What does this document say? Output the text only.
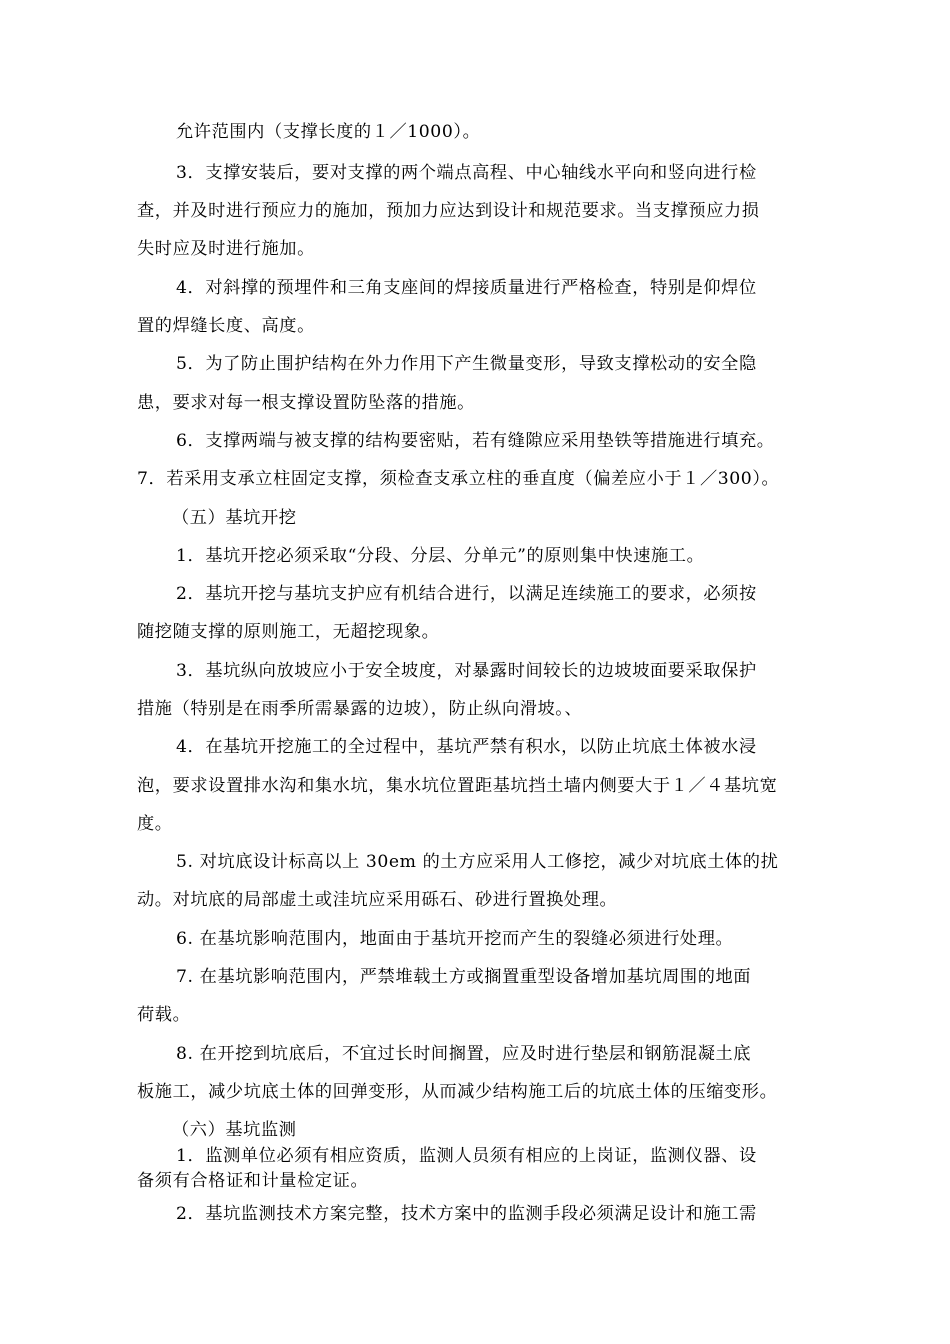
允许范围内（支撑长度的１／1000）。
3．支撑安装后，要对支撑的两个端点高程、中心轴线水平向和竖向进行检
查，并及时进行预应力的施加，预加力应达到设计和规范要求。当支撑预应力损
失时应及时进行施加。
4．对斜撑的预埋件和三角支座间的焊接质量进行严格检查，特别是仰焊位
置的焊缝长度、高度。
5．为了防止围护结构在外力作用下产生微量变形，导致支撑松动的安全隐
患，要求对每一根支撑设置防坠落的措施。
6．支撑两端与被支撑的结构要密贴，若有缝隙应采用垫铁等措施进行填充。
7．若采用支承立柱固定支撑，须检查支承立柱的垂直度（偏差应小于１／300）。
（五）基坑开挖
1．基坑开挖必须采取“分段、分层、分单元”的原则集中快速施工。
2．基坑开挖与基坑支护应有机结合进行，以满足连续施工的要求，必须按
随挖随支撑的原则施工，无超挖现象。
3．基坑纵向放坡应小于安全坡度，对暴露时间较长的边坡坡面要采取保护
措施（特别是在雨季所需暴露的边坡），防止纵向滑坡。、
4．在基坑开挖施工的全过程中，基坑严禁有积水，以防止坑底土体被水浸
泡，要求设置排水沟和集水坑，集水坑位置距基坑挡土墙内侧要大于１／４基坑宽
度。
5. 对坑底设计标高以上 30em 的土方应采用人工修挖，减少对坑底土体的扰
动。对坑底的局部虚土或洼坑应采用砾石、砂进行置换处理。
6. 在基坑影响范围内，地面由于基坑开挖而产生的裂缝必须进行处理。
7. 在基坑影响范围内，严禁堆载土方或搁置重型设备增加基坑周围的地面
荷载。
8. 在开挖到坑底后，不宜过长时间搁置，应及时进行垫层和钢筋混凝土底
板施工，减少坑底土体的回弹变形，从而减少结构施工后的坑底土体的压缩变形。
（六）基坑监测
1．监测单位必须有相应资质，监测人员须有相应的上岗证，监测仪器、设
备须有合格证和计量检定证。
2．基坑监测技术方案完整，技术方案中的监测手段必须满足设计和施工需
